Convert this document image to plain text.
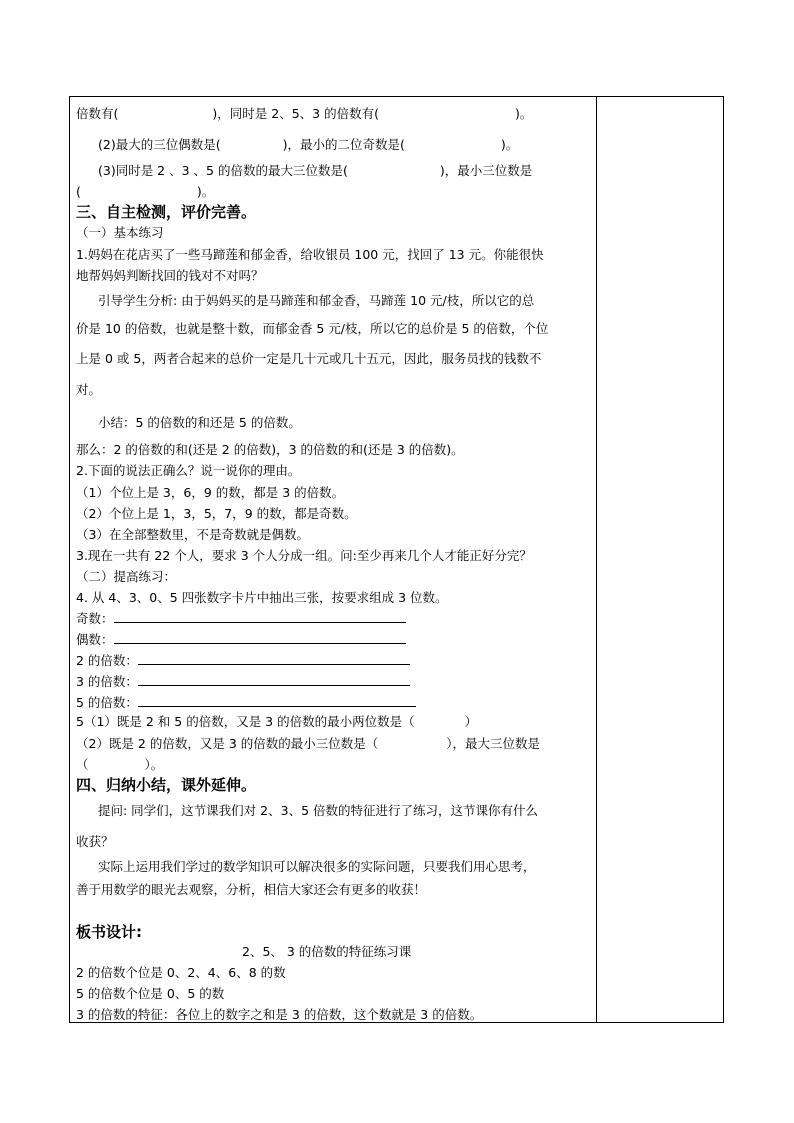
倍数有(	)，同时是 2、5、3 的倍数有(	)。
(2)最大的三位偶数是(	)，最小的二位奇数是(	)。
(3)同时是 2 、3 、5 的倍数的最大三位数是(	)，最小三位数是
(	)。
三、自主检测，评价完善。
（一）基本练习
1.妈妈在花店买了一些马蹄莲和郁金香，给收银员 100 元，找回了 13 元。你能很快
地帮妈妈判断找回的钱对不对吗？
引导学生分析: 由于妈妈买的是马蹄莲和郁金香，马蹄莲 10 元/枝，所以它的总
价是 10 的倍数，也就是整十数，而郁金香 5 元/枝，所以它的总价是 5 的倍数，个位
上是 0 或 5，两者合起来的总价一定是几十元或几十五元，因此，服务员找的钱数不
对。
小结：5 的倍数的和还是 5 的倍数。
那么：2 的倍数的和(还是 2 的倍数)，3 的倍数的和(还是 3 的倍数)。
2.下面的说法正确么？说一说你的理由。
（1）个位上是 3，6，9 的数，都是 3 的倍数。
（2）个位上是 1，3，5，7，9 的数，都是奇数。
（3）在全部整数里，不是奇数就是偶数。
3.现在一共有 22 个人，要求 3 个人分成一组。问:至少再来几个人才能正好分完？
（二）提高练习：
4. 从 4、3、0、5 四张数字卡片中抽出三张，按要求组成 3 位数。
奇数：
偶数：
2 的倍数：
3 的倍数：
5 的倍数：
5（1）既是 2 和 5 的倍数，又是 3 的倍数的最小两位数是（	）
（2）既是 2 的倍数，又是 3 的倍数的最小三位数是（	），最大三位数是
（	）。
四、归纳小结，课外延伸。
提问: 同学们，这节课我们对 2、3、5 倍数的特征进行了练习，这节课你有什么
收获？
实际上运用我们学过的数学知识可以解决很多的实际问题，只要我们用心思考，
善于用数学的眼光去观察，分析，相信大家还会有更多的收获！
板书设计:
2、5、 3 的倍数的特征练习课
2 的倍数个位是 0、2、4、6、8 的数
5 的倍数个位是 0、5 的数
3 的倍数的特征：各位上的数字之和是 3 的倍数，这个数就是 3 的倍数。
